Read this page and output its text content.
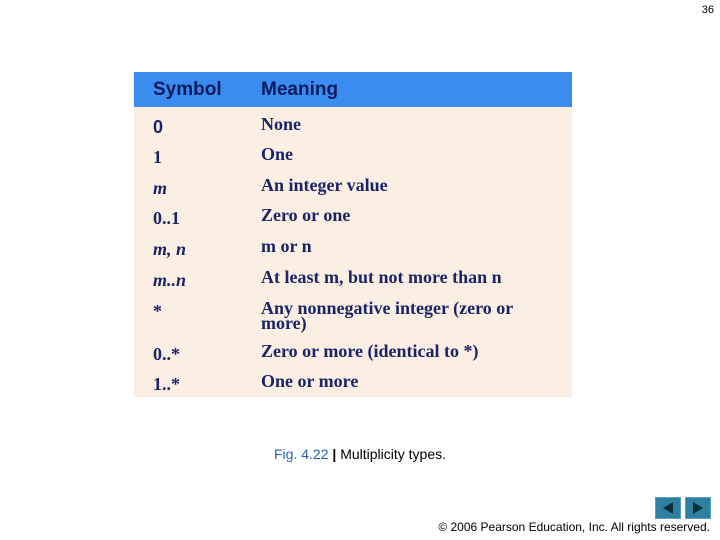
36
Symbol Meaning
0	None
1	One
m	An integer value
0..1	Zero or one
m, n	m or n
m..n	At least m, but not more than n
*	Any nonnegative integer (zero or more)
0..*	Zero or more (identical to *)
1..*	One or more
Fig. 4.22 | Multiplicity types.
© 2006 Pearson Education, Inc. All rights reserved.
